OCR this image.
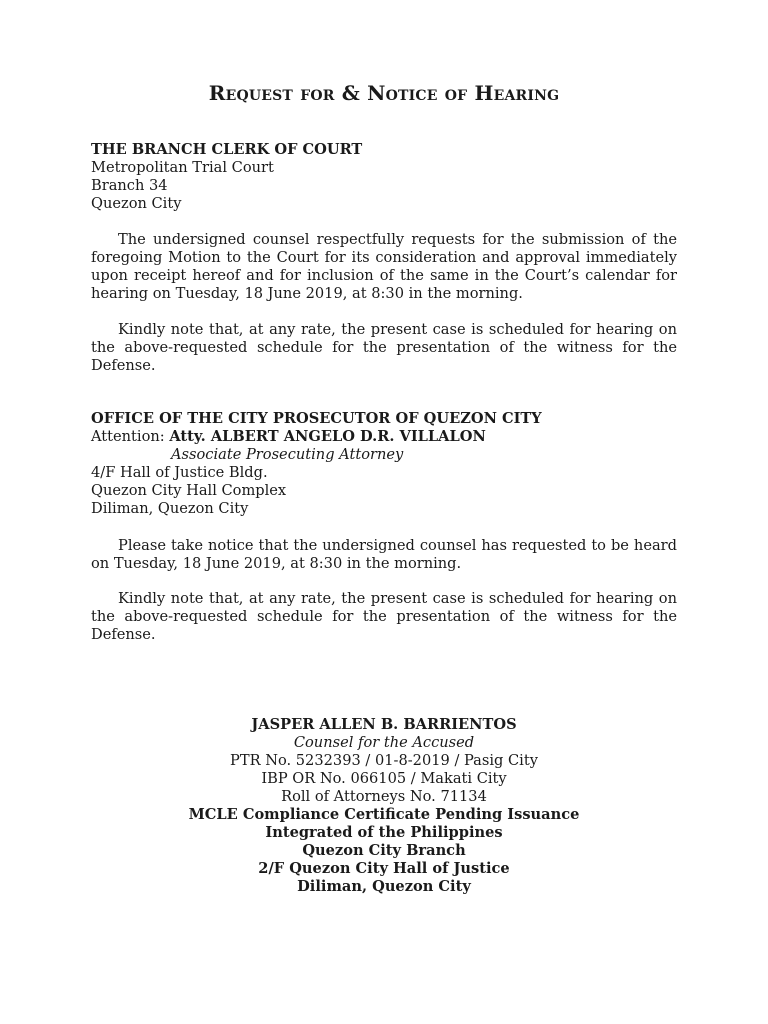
Request for & Notice of Hearing
THE BRANCH CLERK OF COURT
Metropolitan Trial Court
Branch 34
Quezon City

The undersigned counsel respectfully requests for the submission of the foregoing Motion to the Court for its consideration and approval immediately upon receipt hereof and for inclusion of the same in the Court’s calendar for hearing on Tuesday, 18 June 2019, at 8:30 in the morning.

Kindly note that, at any rate, the present case is scheduled for hearing on the above-requested schedule for the presentation of the witness for the Defense.

OFFICE OF THE CITY PROSECUTOR OF QUEZON CITY
Attention: Atty. ALBERT ANGELO D.R. VILLALON
Associate Prosecuting Attorney
4/F Hall of Justice Bldg.
Quezon City Hall Complex
Diliman, Quezon City

Please take notice that the undersigned counsel has requested to be heard on Tuesday, 18 June 2019, at 8:30 in the morning.

Kindly note that, at any rate, the present case is scheduled for hearing on the above-requested schedule for the presentation of the witness for the Defense.

JASPER ALLEN B. BARRIENTOS
Counsel for the Accused
PTR No. 5232393 / 01-8-2019 / Pasig City
IBP OR No. 066105 / Makati City
Roll of Attorneys No. 71134
MCLE Compliance Certificate Pending Issuance
Integrated of the Philippines
Quezon City Branch
2/F Quezon City Hall of Justice
Diliman, Quezon City
